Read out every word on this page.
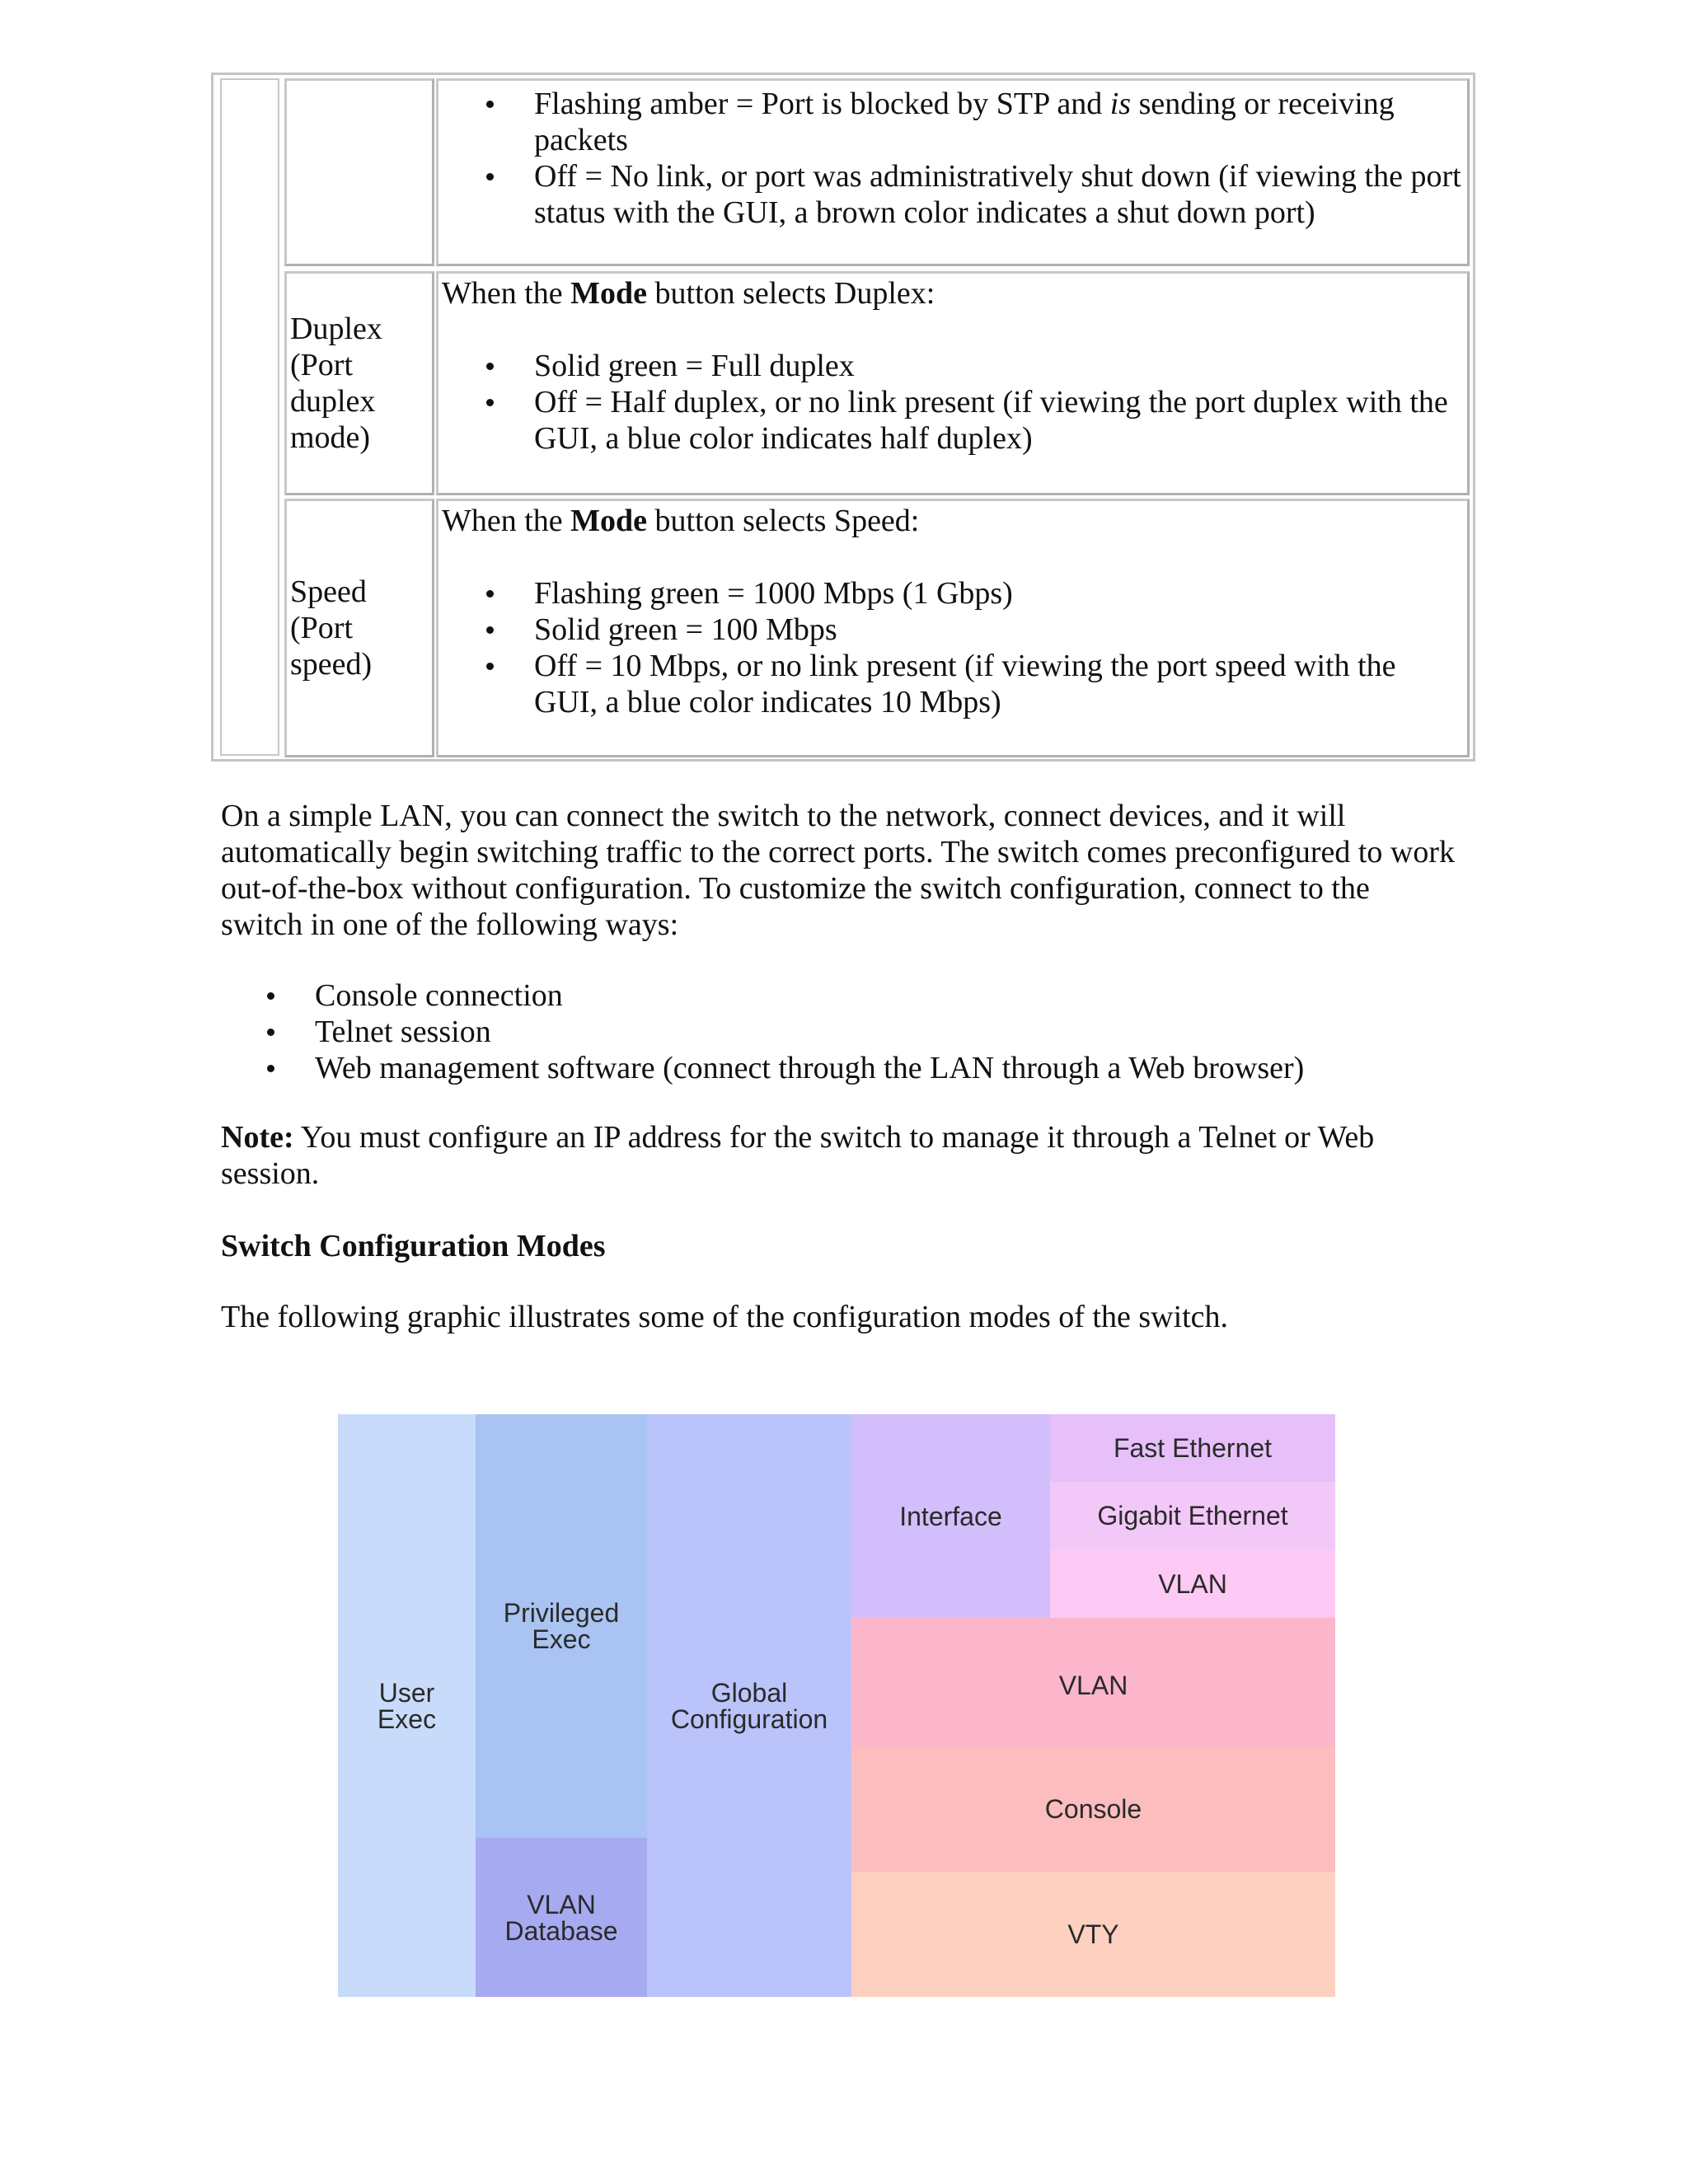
Flashing amber = Port is blocked by STP and is sending or receiving packets
Off = No link, or port was administratively shut down (if viewing the port status with the GUI, a brown color indicates a shut down port)
Duplex (Port duplex mode)
When the Mode button selects Duplex:
Solid green = Full duplex
Off = Half duplex, or no link present (if viewing the port duplex with the GUI, a blue color indicates half duplex)
Speed (Port speed)
When the Mode button selects Speed:
Flashing green = 1000 Mbps (1 Gbps)
Solid green = 100 Mbps
Off = 10 Mbps, or no link present (if viewing the port speed with the GUI, a blue color indicates 10 Mbps)

On a simple LAN, you can connect the switch to the network, connect devices, and it will automatically begin switching traffic to the correct ports. The switch comes preconfigured to work out-of-the-box without configuration. To customize the switch configuration, connect to the switch in one of the following ways:

Console connection
Telnet session
Web management software (connect through the LAN through a Web browser)

Note: You must configure an IP address for the switch to manage it through a Telnet or Web session.

Switch Configuration Modes

The following graphic illustrates some of the configuration modes of the switch.

User Exec
Privileged Exec
VLAN Database
Global Configuration
Interface
Fast Ethernet
Gigabit Ethernet
VLAN
VLAN
Console
VTY
